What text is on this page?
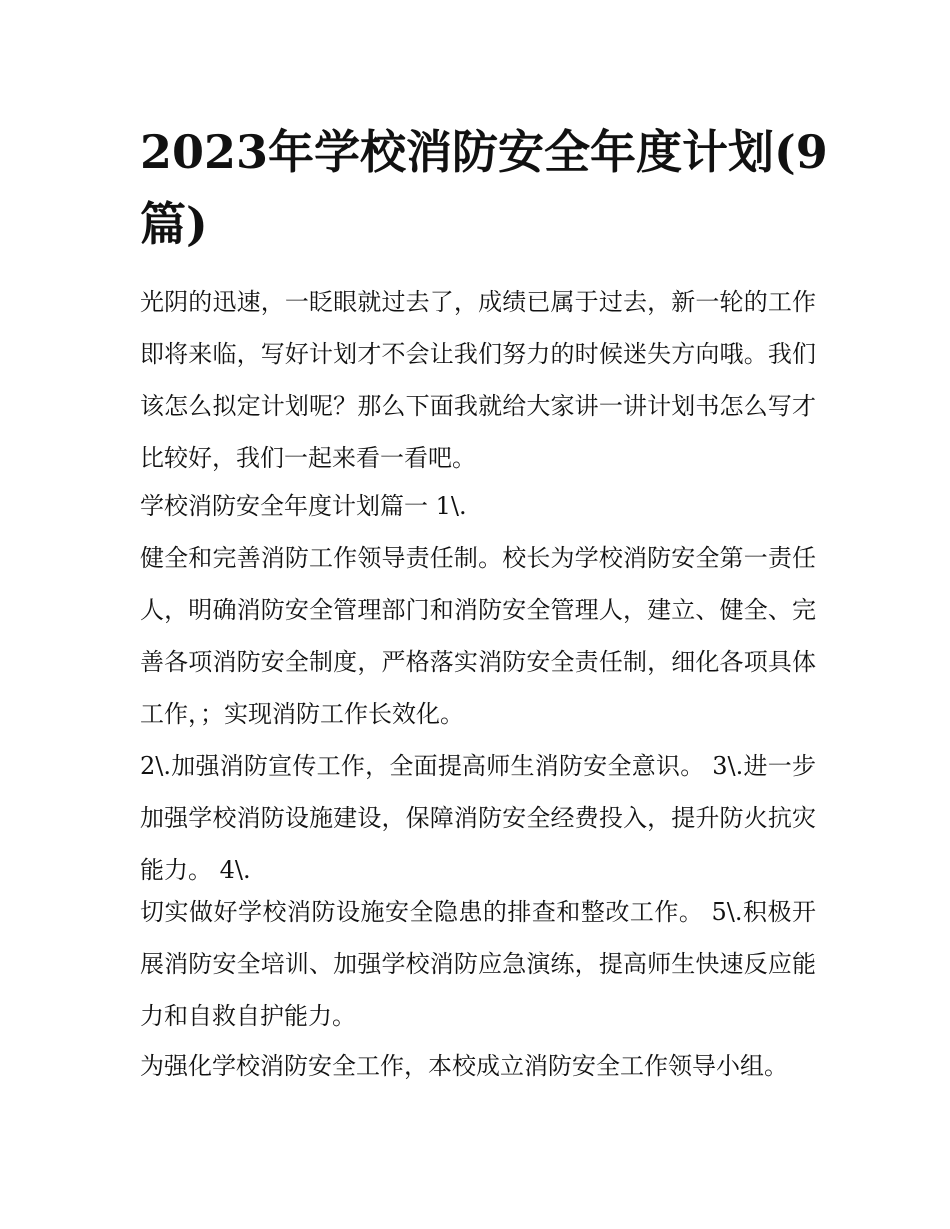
2023年学校消防安全年度计划(9篇)

光阴的迅速，一眨眼就过去了，成绩已属于过去，新一轮的工作即将来临，写好计划才不会让我们努力的时候迷失方向哦。我们该怎么拟定计划呢？那么下面我就给大家讲一讲计划书怎么写才比较好，我们一起来看一看吧。

学校消防安全年度计划篇一 1\.

健全和完善消防工作领导责任制。校长为学校消防安全第一责任人，明确消防安全管理部门和消防安全管理人，建立、健全、完善各项消防安全制度，严格落实消防安全责任制，细化各项具体工作，；实现消防工作长效化。

2\.加强消防宣传工作，全面提高师生消防安全意识。 3\.进一步加强学校消防设施建设，保障消防安全经费投入，提升防火抗灾能力。 4\.

切实做好学校消防设施安全隐患的排查和整改工作。 5\.积极开展消防安全培训、加强学校消防应急演练，提高师生快速反应能力和自救自护能力。

为强化学校消防安全工作，本校成立消防安全工作领导小组。
